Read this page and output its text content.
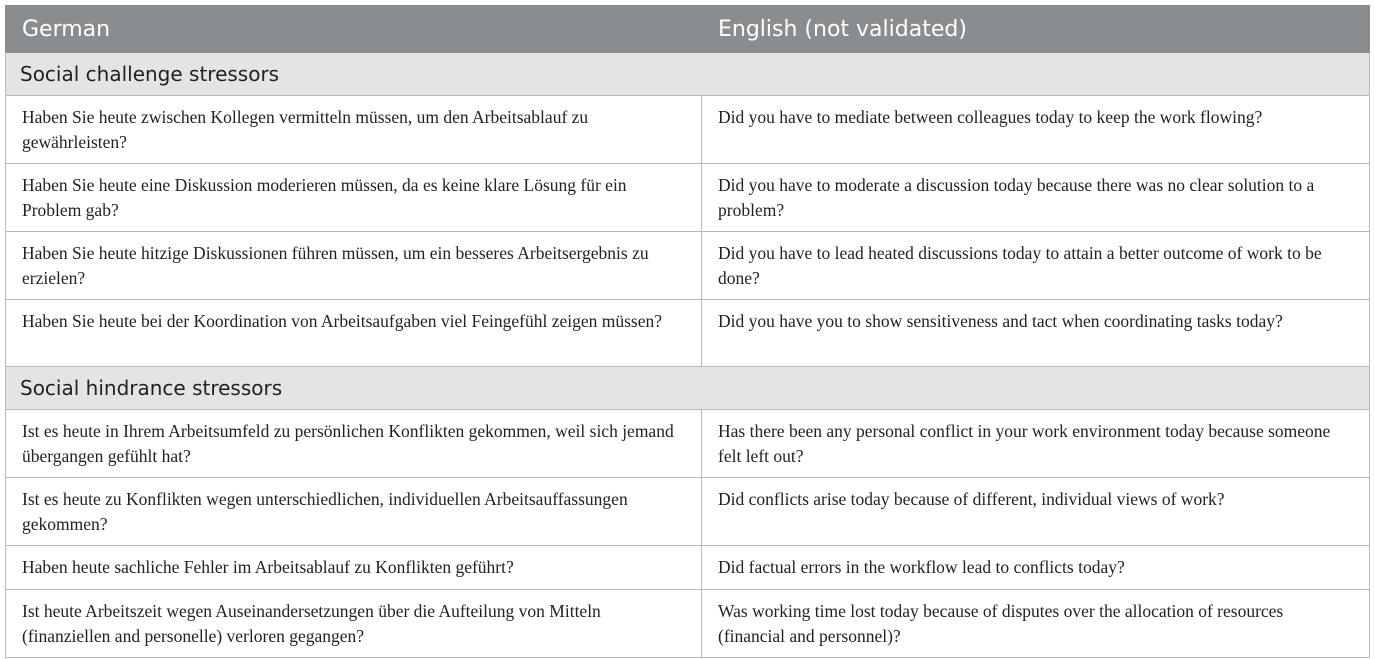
German	English (not validated)
Social challenge stressors	
Haben Sie heute zwischen Kollegen vermitteln müssen, um den Arbeitsablauf zu gewährleisten?	Did you have to mediate between colleagues today to keep the work flowing?
Haben Sie heute eine Diskussion moderieren müssen, da es keine klare Lösung für ein Problem gab?	Did you have to moderate a discussion today because there was no clear solution to a problem?
Haben Sie heute hitzige Diskussionen führen müssen, um ein besseres Arbeitsergebnis zu erzielen?	Did you have to lead heated discussions today to attain a better outcome of work to be done?
Haben Sie heute bei der Koordination von Arbeitsaufgaben viel Feingefühl zeigen müssen?	Did you have you to show sensitiveness and tact when coordinating tasks today?
Social hindrance stressors	
Ist es heute in Ihrem Arbeitsumfeld zu persönlichen Konflikten gekommen, weil sich jemand übergangen gefühlt hat?	Has there been any personal conflict in your work environment today because someone felt left out?
Ist es heute zu Konflikten wegen unterschiedlichen, individuellen Arbeitsauffassungen gekommen?	Did conflicts arise today because of different, individual views of work?
Haben heute sachliche Fehler im Arbeitsablauf zu Konflikten geführt?	Did factual errors in the workflow lead to conflicts today?
Ist heute Arbeitszeit wegen Auseinandersetzungen über die Aufteilung von Mitteln (finanziellen and personelle) verloren gegangen?	Was working time lost today because of disputes over the allocation of resources (financial and personnel)?
